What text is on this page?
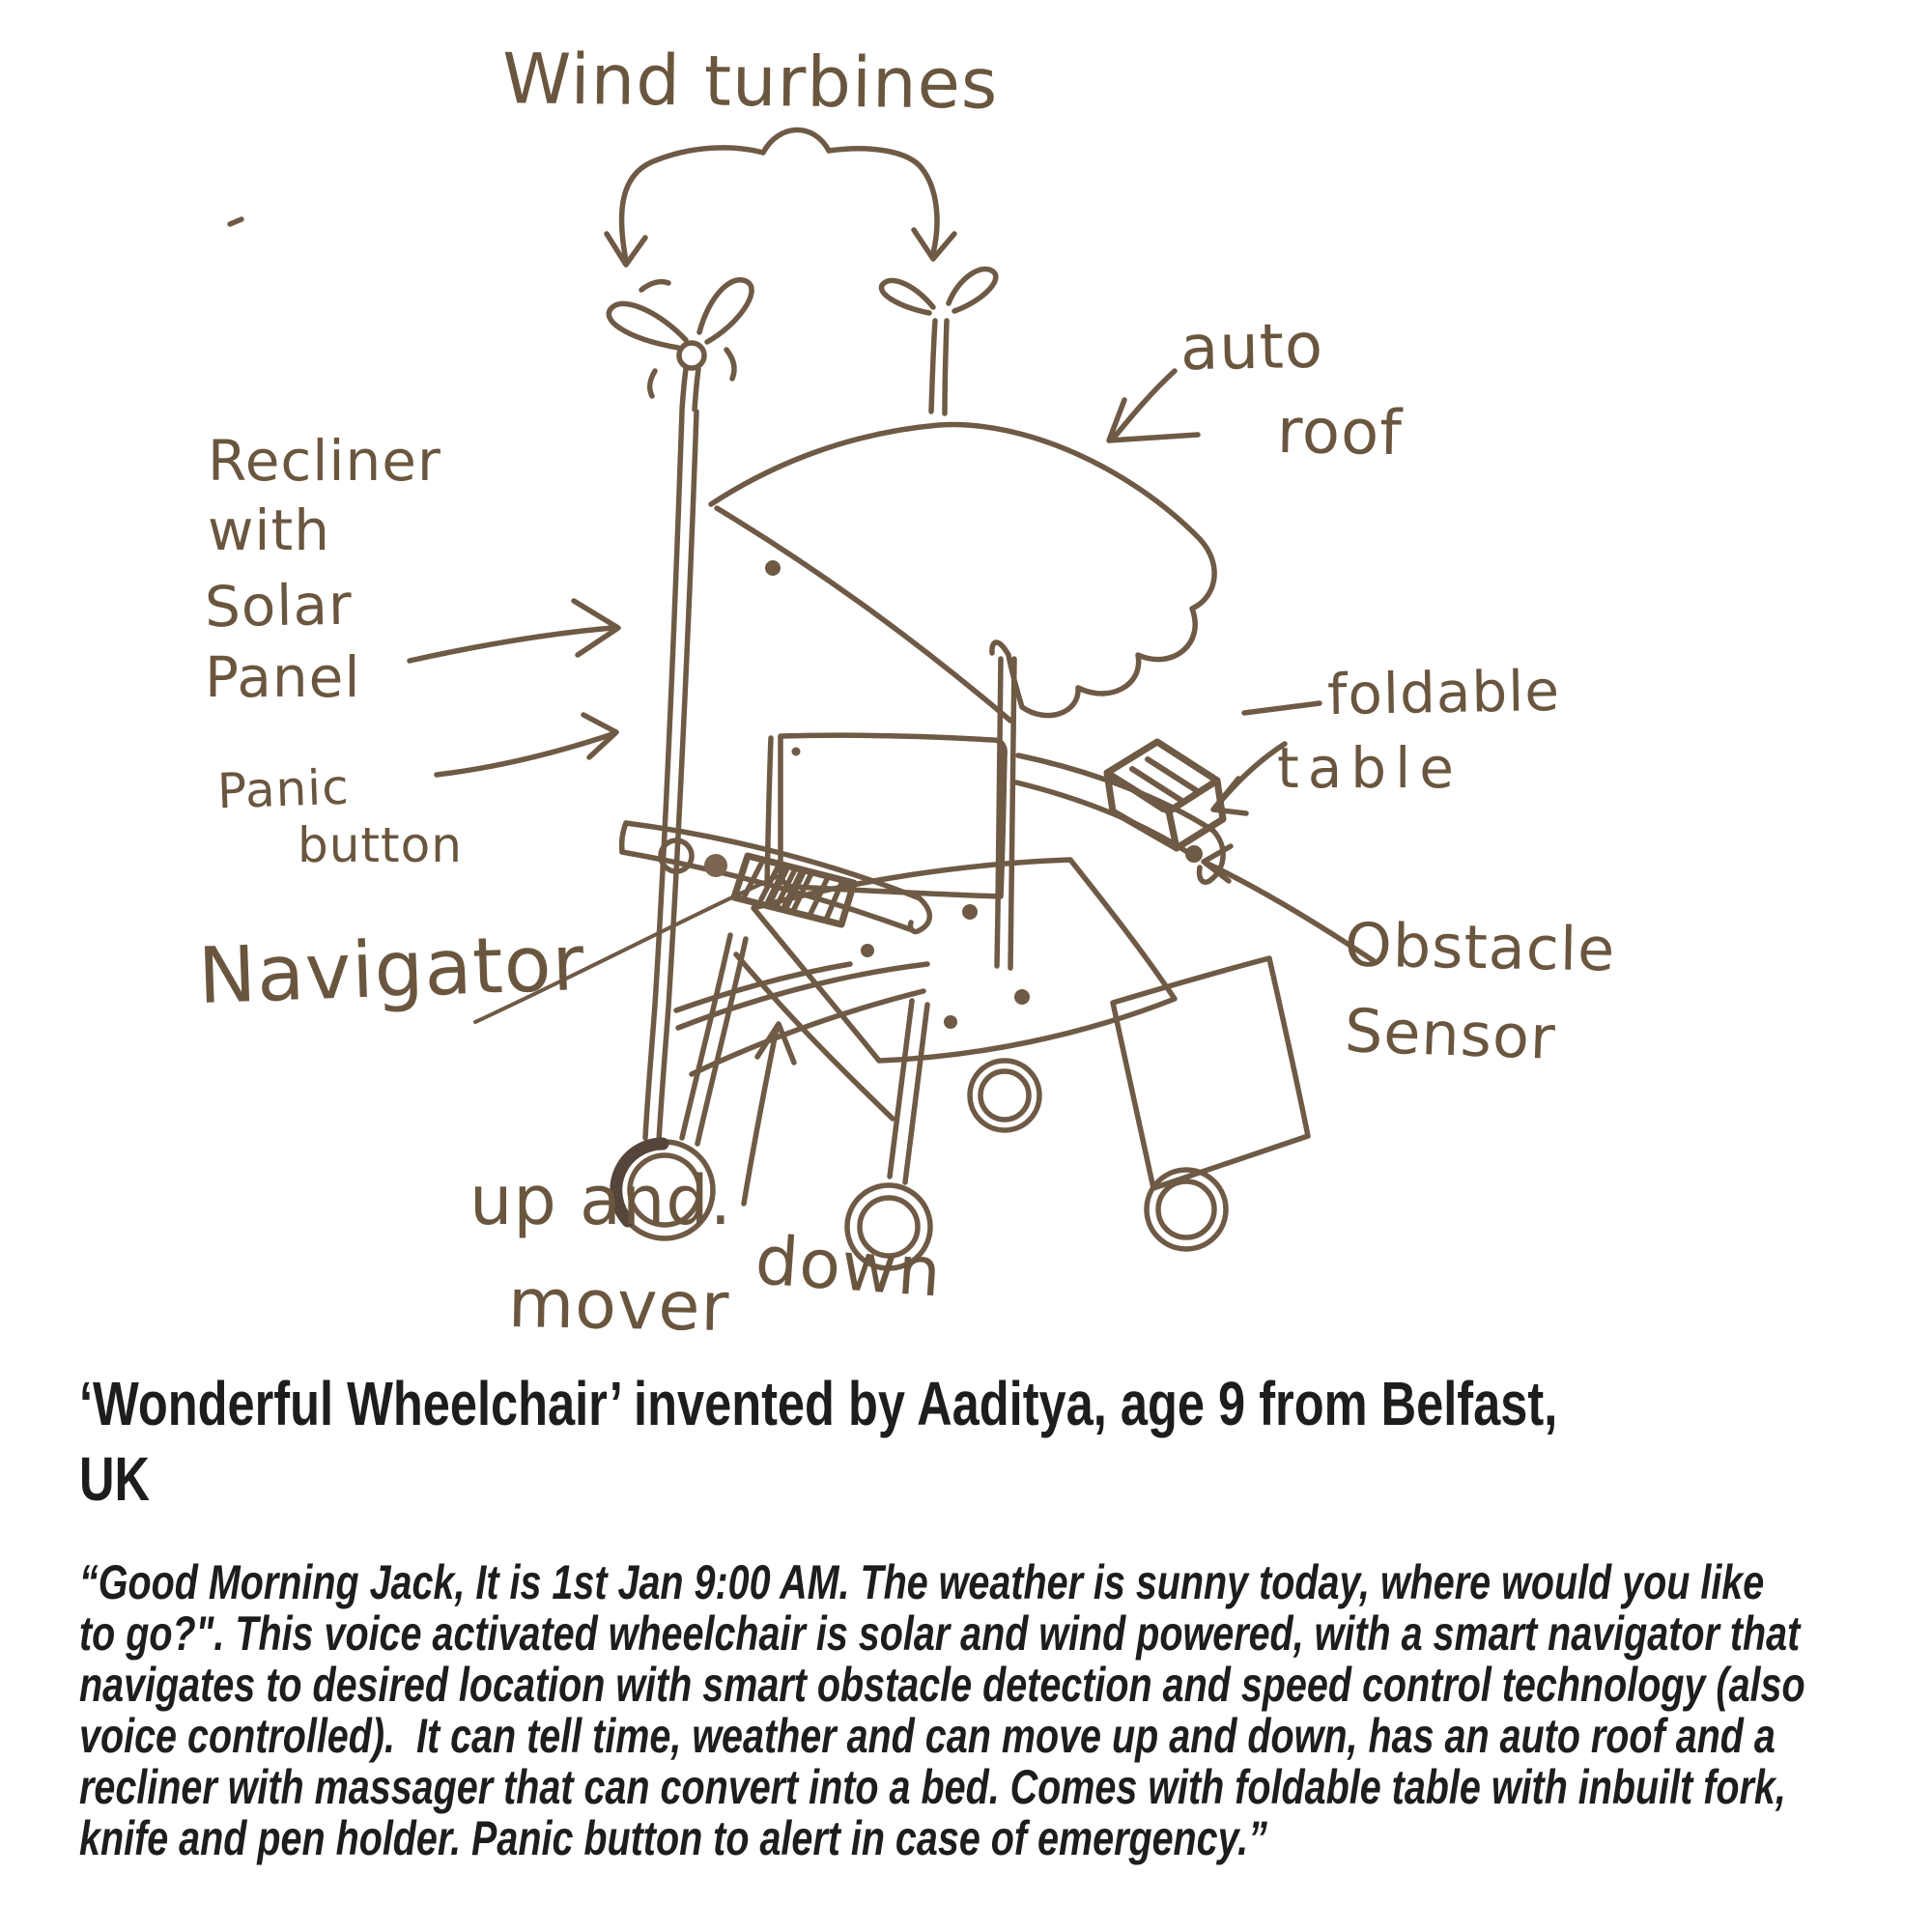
Wind turbines
auto
roof
Recliner
with
Solar
Panel
Panic
button
Navigator
foldable
table
Obstacle
Sensor
up and.
down
mover
‘Wonderful Wheelchair’ invented by Aaditya, age 9 from Belfast,
UK
“Good Morning Jack, It is 1st Jan 9:00 AM. The weather is sunny today, where would you like to go?". This voice activated wheelchair is solar and wind powered, with a smart navigator that navigates to desired location with smart obstacle detection and speed control technology (also voice controlled).  It can tell time, weather and can move up and down, has an auto roof and a recliner with massager that can convert into a bed. Comes with foldable table with inbuilt fork, knife and pen holder. Panic button to alert in case of emergency.”
